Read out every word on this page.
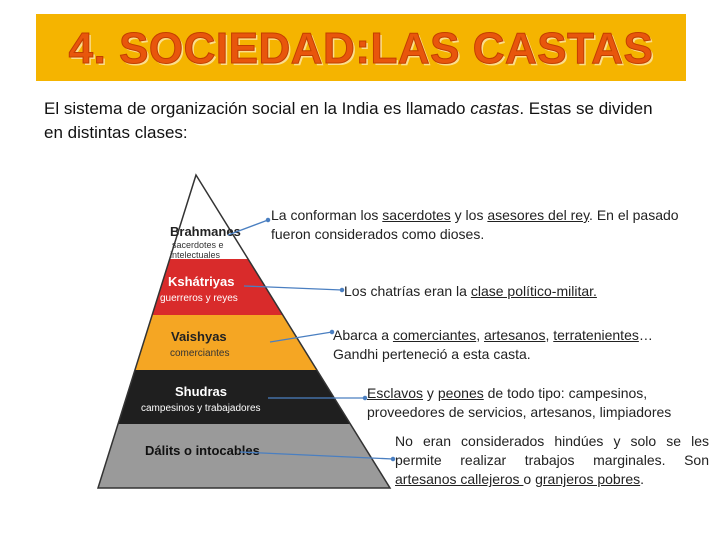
4. SOCIEDAD:LAS CASTAS
El sistema de organización social en la India es llamado castas. Estas se dividen en distintas clases:
Brahmanes
sacerdotes e
intelectuales
Kshátriyas
guerreros y reyes
Vaishyas
comerciantes
Shudras
campesinos y trabajadores
Dálits o intocables
La conforman los sacerdotes y los asesores del rey. En el pasado fueron considerados como dioses.
Los chatrías eran la clase político-militar.
Abarca a comerciantes, artesanos, terratenientes… Gandhi perteneció a esta casta.
Esclavos y peones de todo tipo: campesinos, proveedores de servicios, artesanos, limpiadores
No eran considerados hindúes y solo se les permite realizar trabajos marginales. Son artesanos callejeros o granjeros pobres.
